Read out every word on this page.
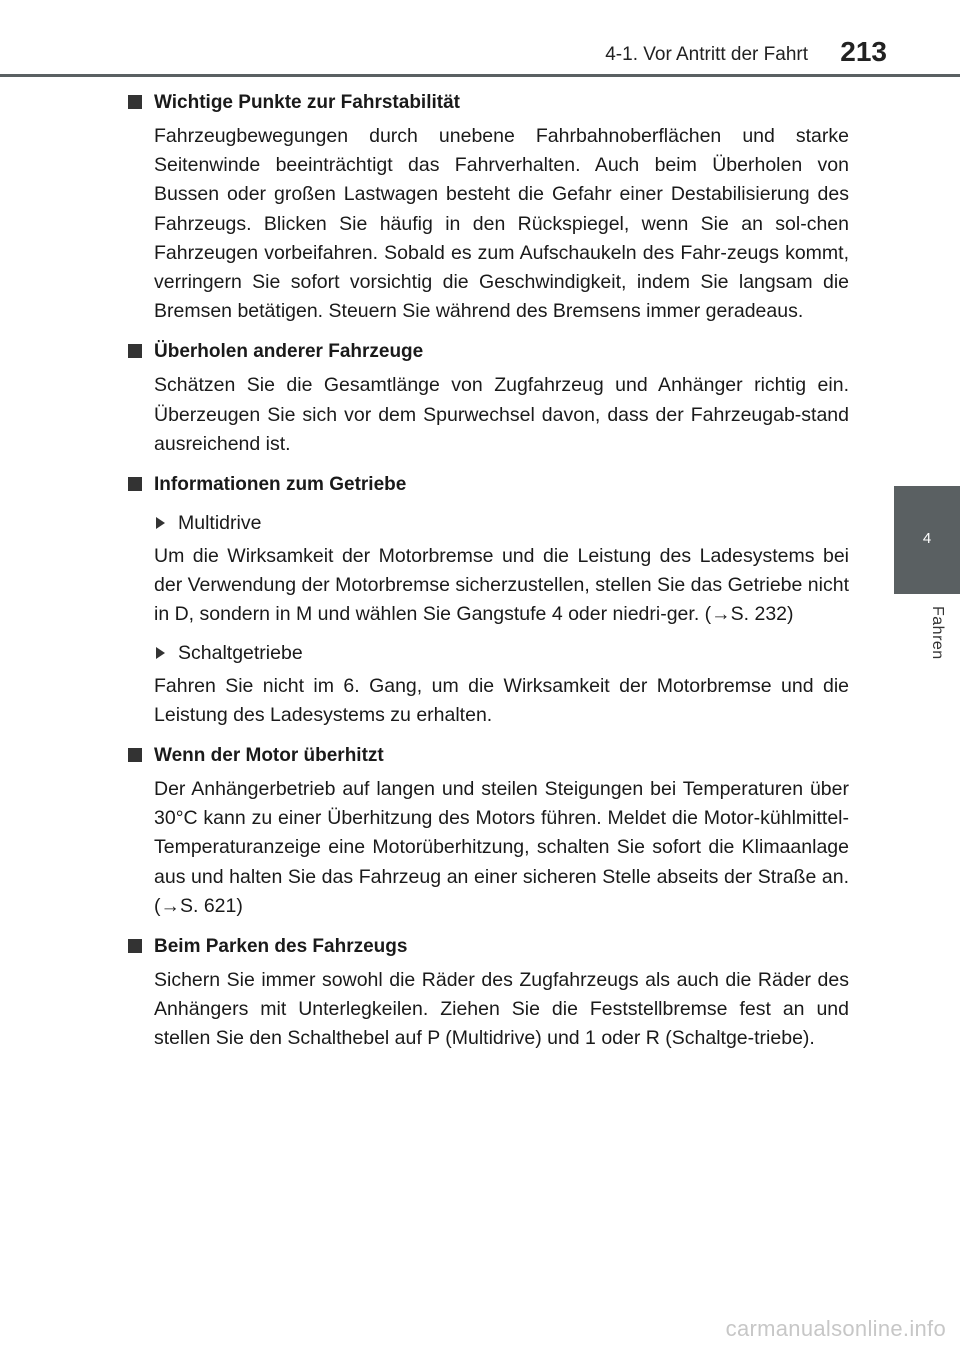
4-1. Vor Antritt der Fahrt 213
4
Fahren
Wichtige Punkte zur Fahrstabilität
Fahrzeugbewegungen durch unebene Fahrbahnoberflächen und starke Seitenwinde beeinträchtigt das Fahrverhalten. Auch beim Überholen von Bussen oder großen Lastwagen besteht die Gefahr einer Destabilisierung des Fahrzeugs. Blicken Sie häufig in den Rückspiegel, wenn Sie an sol-chen Fahrzeugen vorbeifahren. Sobald es zum Aufschaukeln des Fahr-zeugs kommt, verringern Sie sofort vorsichtig die Geschwindigkeit, indem Sie langsam die Bremsen betätigen. Steuern Sie während des Bremsens immer geradeaus.
Überholen anderer Fahrzeuge
Schätzen Sie die Gesamtlänge von Zugfahrzeug und Anhänger richtig ein. Überzeugen Sie sich vor dem Spurwechsel davon, dass der Fahrzeugab-stand ausreichend ist.
Informationen zum Getriebe
Multidrive
Um die Wirksamkeit der Motorbremse und die Leistung des Ladesystems bei der Verwendung der Motorbremse sicherzustellen, stellen Sie das Getriebe nicht in D, sondern in M und wählen Sie Gangstufe 4 oder niedri-ger. (→S. 232)
Schaltgetriebe
Fahren Sie nicht im 6. Gang, um die Wirksamkeit der Motorbremse und die Leistung des Ladesystems zu erhalten.
Wenn der Motor überhitzt
Der Anhängerbetrieb auf langen und steilen Steigungen bei Temperaturen über 30°C kann zu einer Überhitzung des Motors führen. Meldet die Motor-kühlmittel-Temperaturanzeige eine Motorüberhitzung, schalten Sie sofort die Klimaanlage aus und halten Sie das Fahrzeug an einer sicheren Stelle abseits der Straße an. (→S. 621)
Beim Parken des Fahrzeugs
Sichern Sie immer sowohl die Räder des Zugfahrzeugs als auch die Räder des Anhängers mit Unterlegkeilen. Ziehen Sie die Feststellbremse fest an und stellen Sie den Schalthebel auf P (Multidrive) und 1 oder R (Schaltge-triebe).
carmanualsonline.info
